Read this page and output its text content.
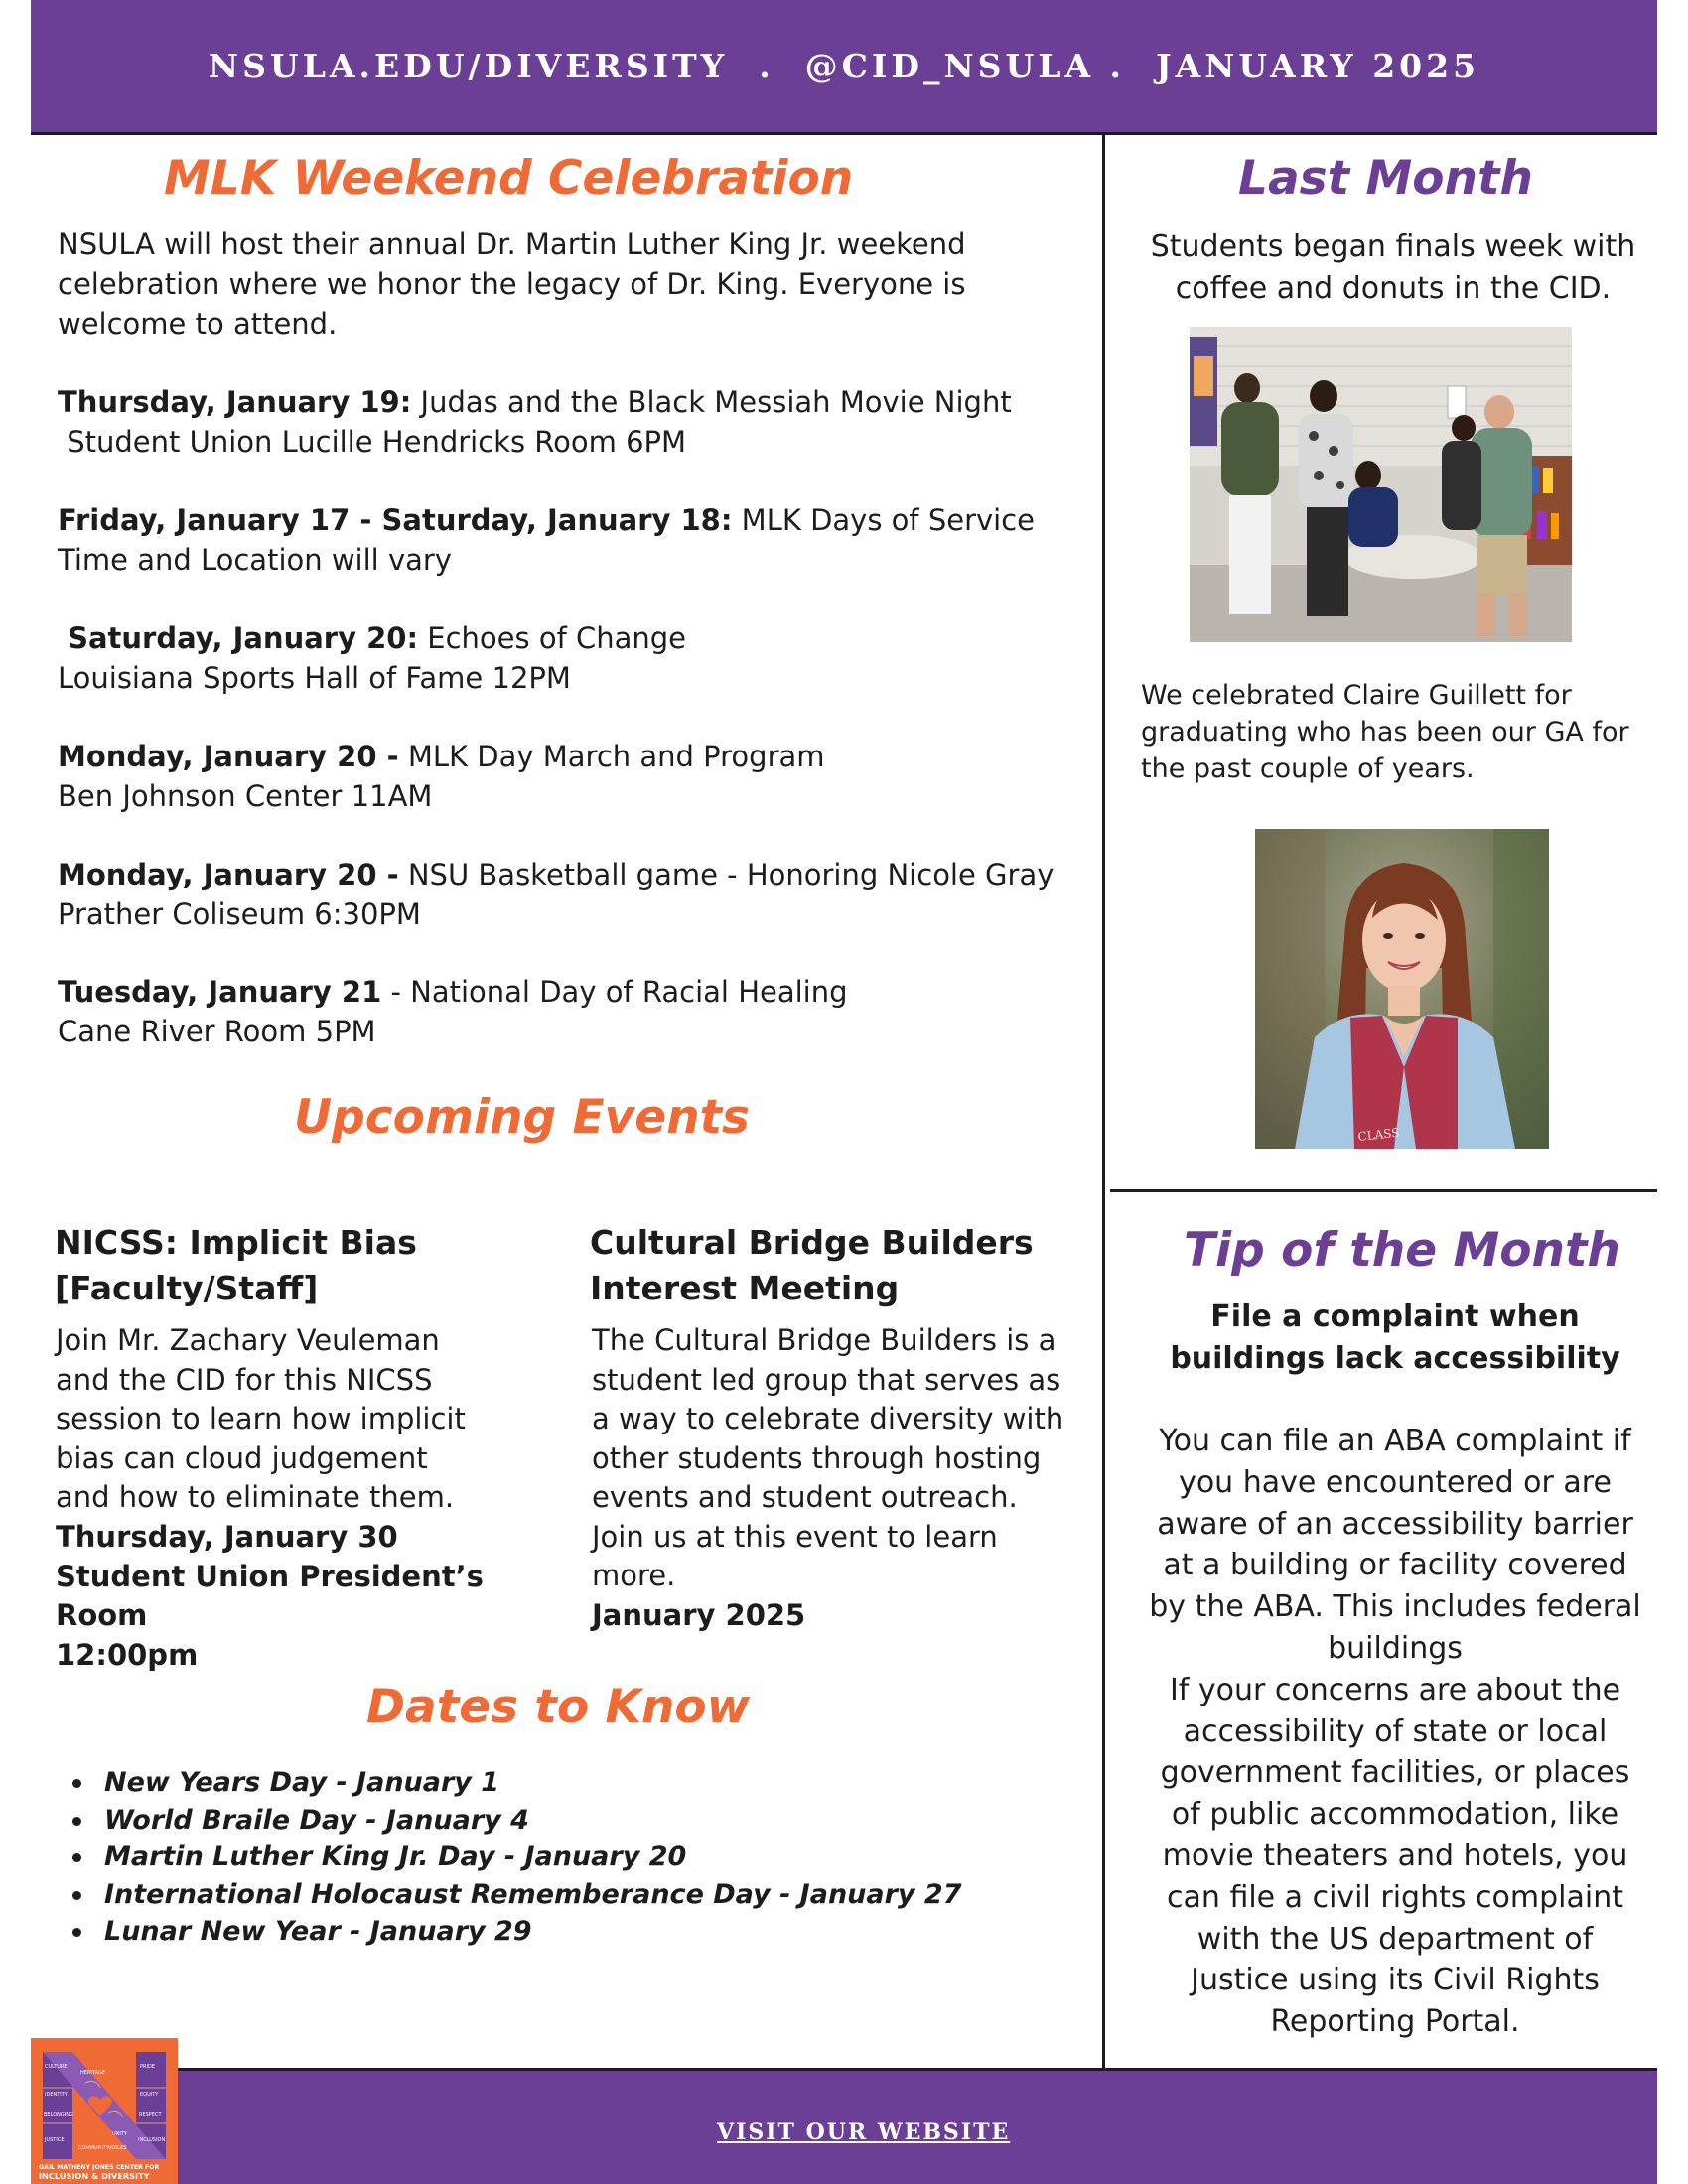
NSULA.EDU/DIVERSITY  .  @CID_NSULA .  JANUARY 2025
MLK Weekend Celebration
NSULA will host their annual Dr. Martin Luther King Jr. weekend
celebration where we honor the legacy of Dr. King. Everyone is
welcome to attend.
Thursday, January 19: Judas and the Black Messiah Movie Night
Student Union Lucille Hendricks Room 6PM
Friday, January 17 - Saturday, January 18: MLK Days of Service
Time and Location will vary
Saturday, January 20: Echoes of Change
Louisiana Sports Hall of Fame 12PM
Monday, January 20 - MLK Day March and Program
Ben Johnson Center 11AM
Monday, January 20 - NSU Basketball game - Honoring Nicole Gray
Prather Coliseum 6:30PM
Tuesday, January 21 - National Day of Racial Healing
Cane River Room 5PM
Upcoming Events
NICSS: Implicit Bias
[Faculty/Staff]
Join Mr. Zachary Veuleman
and the CID for this NICSS
session to learn how implicit
bias can cloud judgement
and how to eliminate them.
Thursday, January 30
Student Union President’s
Room
12:00pm
Cultural Bridge Builders
Interest Meeting
The Cultural Bridge Builders is a
student led group that serves as
a way to celebrate diversity with
other students through hosting
events and student outreach.
Join us at this event to learn
more.
January 2025
Dates to Know
New Years Day - January 1
World Braile Day - January 4
Martin Luther King Jr. Day - January 20
International Holocaust Rememberance Day - January 27
Lunar New Year - January 29
Last Month
Students began finals week with
coffee and donuts in the CID.
We celebrated Claire Guillett for
graduating who has been our GA for
the past couple of years.
CLASS
Tip of the Month
File a complaint when
buildings lack accessibility
You can file an ABA complaint if
you have encountered or are
aware of an accessibility barrier
at a building or facility covered
by the ABA. This includes federal
buildings
If your concerns are about the
accessibility of state or local
government facilities, or places
of public accommodation, like
movie theaters and hotels, you
can file a civil rights complaint
with the US department of
Justice using its Civil Rights
Reporting Portal.
VISIT OUR WEBSITE
CULTURE
IDENTITY
BELONGING
PRIDE
EQUITY
RESPECT
HERITAGE
UNITY
JUSTICE	INCLUSION
COMMUNITY
VOICES
GAIL MATHENY JONES CENTER FOR
INCLUSION & DIVERSITY
